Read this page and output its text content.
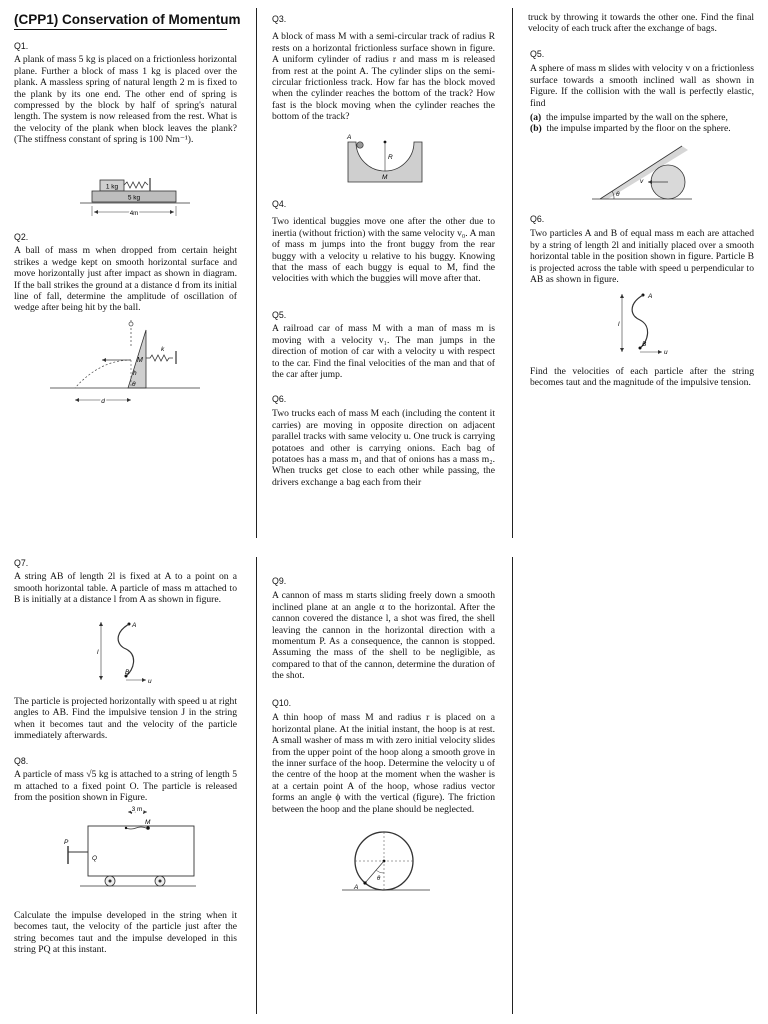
(CPP1) Conservation of Momentum
Q1.
A plank of mass 5 kg is placed on a frictionless horizontal plane. Further a block of mass 1 kg is placed over the plank. A massless spring of natural length 2 m is fixed to the plank by its one end. The other end of spring is compressed by the block by half of spring's natural length. The system is now released from the rest. What is the velocity of the plank when block leaves the plank? (The stiffness constant of spring is 100 Nm⁻¹).
1 kg
5 kg
4m
Q2.
A ball of mass m when dropped from certain height strikes a wedge kept on smooth horizontal surface and move horizontally just after impact as shown in diagram. If the ball strikes the ground at a distance d from its initial line of fall, determine the amplitude of oscillation of wedge after being hit by the ball.
M
k
h
θ
d
Q3.
A block of mass M with a semi-circular track of radius R rests on a horizontal frictionless surface shown in figure. A uniform cylinder of radius r and mass m is released from rest at the point A. The cylinder slips on the semi-circular frictionless track. How far has the block moved when the cylinder reaches the bottom of the track? How fast is the block moving when the cylinder reaches the bottom of the track?
A
R
M
Q4.
Two identical buggies move one after the other due to inertia (without friction) with the same velocity v₀. A man of mass m jumps into the front buggy from the rear buggy with a velocity u relative to his buggy. Knowing that the mass of each buggy is equal to M, find the velocities with which the buggies will move after that.
Q5.
A railroad car of mass M with a man of mass m is moving with a velocity v₁. The man jumps in the direction of motion of car with a velocity u with respect to the car. Find the final velocities of the man and that of the car after jump.
Q6.
Two trucks each of mass M each (including the content it carries) are moving in opposite direction on adjacent parallel tracks with same velocity u. One truck is carrying potatoes and other is carrying onions. Each bag of potatoes has a mass m₁ and that of onions has a mass m₂. When trucks get close to each other while passing, the drivers exchange a bag each from their
truck by throwing it towards the other one. Find the final velocity of each truck after the exchange of bags.
Q5.
A sphere of mass m slides with velocity v on a frictionless surface towards a smooth inclined wall as shown in Figure. If the collision with the wall is perfectly elastic, find
(a) the impulse imparted by the wall on the sphere,
(b) the impulse imparted by the floor on the sphere.
θ
v
Q6.
Two particles A and B of equal mass m each are attached by a string of length 2l and initially placed over a smooth horizontal table in the position shown in figure. Particle B is projected across the table with speed u perpendicular to AB as shown in figure.
l
A
B
u
Find the velocities of each particle after the string becomes taut and the magnitude of the impulsive tension.
Q7.
A string AB of length 2l is fixed at A to a point on a smooth horizontal table. A particle of mass m attached to B is initially at a distance l from A as shown in figure.
l
A
B
u
The particle is projected horizontally with speed u at right angles to AB. Find the impulsive tension J in the string when it becomes taut and the velocity of the particle immediately afterwards.
Q8.
A particle of mass √5 kg is attached to a string of length 5 m attached to a fixed point O. The particle is released from the position shown in Figure.
3 m
M
P
Q
Calculate the impulse developed in the string when it becomes taut, the velocity of the particle just after the string becomes taut and the impulse developed in this string PQ at this instant.
Q9.
A cannon of mass m starts sliding freely down a smooth inclined plane at an angle α to the horizontal. After the cannon covered the distance l, a shot was fired, the shell leaving the cannon in the horizontal direction with a momentum P. As a consequence, the cannon is stopped. Assuming the mass of the shell to be negligible, as compared to that of the cannon, determine the duration of the shot.
Q10.
A thin hoop of mass M and radius r is placed on a horizontal plane. At the initial instant, the hoop is at rest. A small washer of mass m with zero initial velocity slides from the upper point of the hoop along a smooth grove in the inner surface of the hoop. Determine the velocity u of the centre of the hoop at the moment when the washer is at a certain point A of the hoop, whose radius vector forms an angle ϕ with the vertical (figure). The friction between the hoop and the plane should be neglected.
A
θ
